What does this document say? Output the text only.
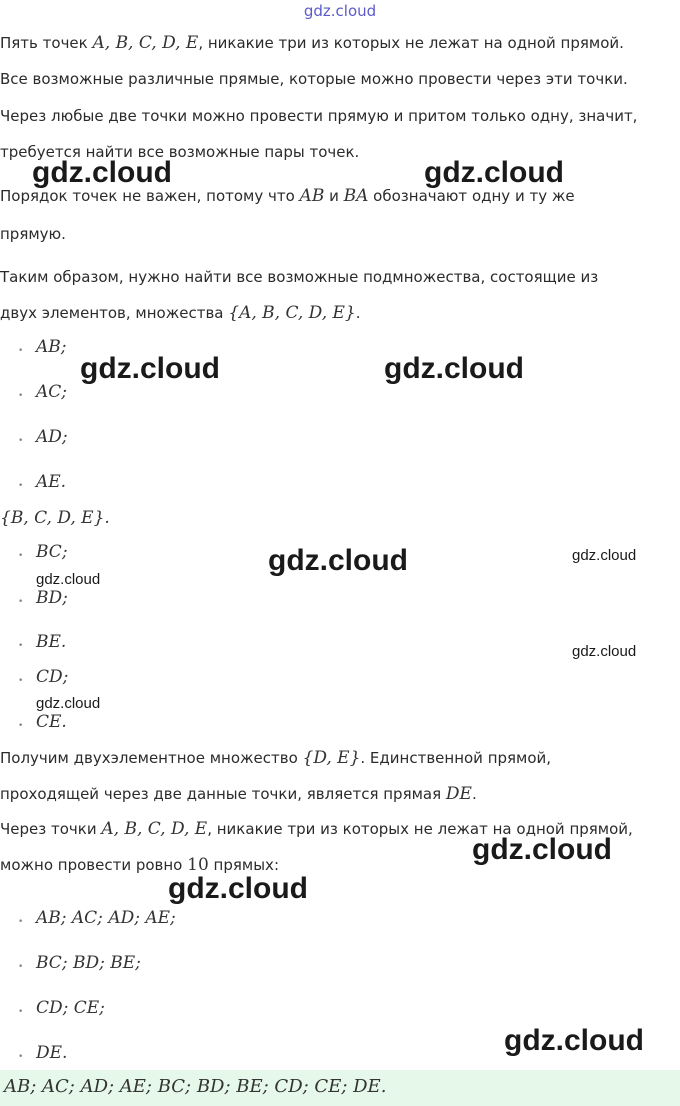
gdz.cloud
Пять точек A, B, C, D, E, никакие три из которых не лежат на одной прямой.
Все возможные различные прямые, которые можно провести через эти точки.
Через любые две точки можно провести прямую и притом только одну, значит,
требуется найти все возможные пары точек.
Порядок точек не важен, потому что AB и BA обозначают одну и ту же
прямую.
Таким образом, нужно найти все возможные подмножества, состоящие из
двух элементов, множества {A, B, C, D, E}.
• AB;
• AC;
• AD;
• AE.
{B, C, D, E}.
• BC;
• BD;
• BE.
• CD;
• CE.
Получим двухэлементное множество {D, E}. Единственной прямой,
проходящей через две данные точки, является прямая DE.
Через точки A, B, C, D, E, никакие три из которых не лежат на одной прямой,
можно провести ровно 10 прямых:
• AB; AC; AD; AE;
• BC; BD; BE;
• CD; CE;
• DE.
AB; AC; AD; AE; BC; BD; BE; CD; CE; DE.
gdz.cloud	gdz.cloud
gdz.cloud	gdz.cloud
gdz.cloud	gdz.cloud
gdz.cloud
gdz.cloud
gdz.cloud
gdz.cloud
gdz.cloud
gdz.cloud
